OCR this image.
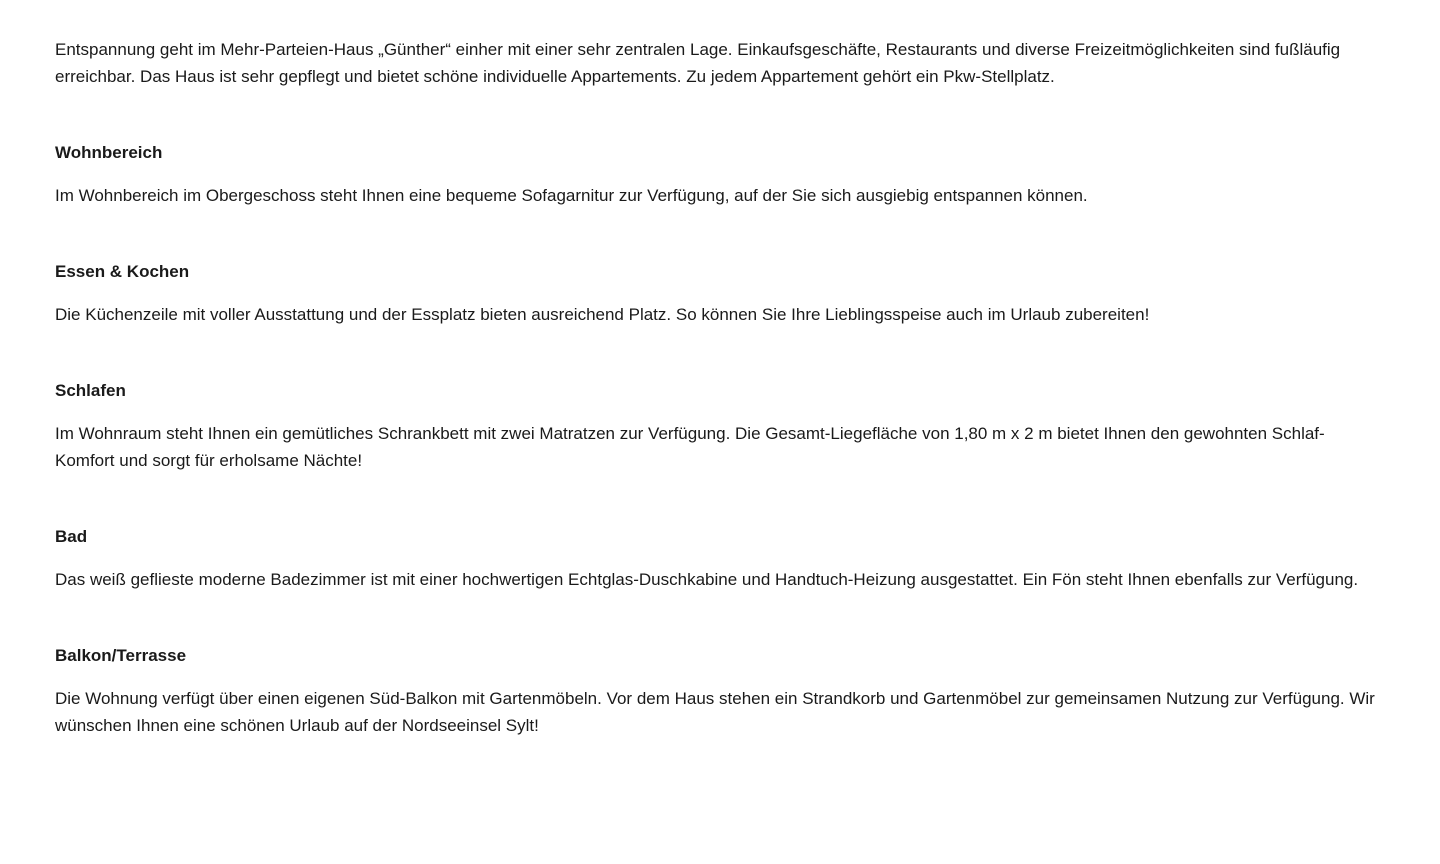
Entspannung geht im Mehr-Parteien-Haus „Günther“ einher mit einer sehr zentralen Lage. Einkaufsgeschäfte, Restaurants und diverse Freizeitmöglichkeiten sind fußläufig erreichbar. Das Haus ist sehr gepflegt und bietet schöne individuelle Appartements. Zu jedem Appartement gehört ein Pkw-Stellplatz.

Wohnbereich

Im Wohnbereich im Obergeschoss steht Ihnen eine bequeme Sofagarnitur zur Verfügung, auf der Sie sich ausgiebig entspannen können.

Essen & Kochen

Die Küchenzeile mit voller Ausstattung und der Essplatz bieten ausreichend Platz. So können Sie Ihre Lieblingsspeise auch im Urlaub zubereiten!

Schlafen

Im Wohnraum steht Ihnen ein gemütliches Schrankbett mit zwei Matratzen zur Verfügung. Die Gesamt-Liegefläche von 1,80 m x 2 m bietet Ihnen den gewohnten Schlaf-Komfort und sorgt für erholsame Nächte!

Bad

Das weiß geflieste moderne Badezimmer ist mit einer hochwertigen Echtglas-Duschkabine und Handtuch-Heizung ausgestattet. Ein Fön steht Ihnen ebenfalls zur Verfügung.

Balkon/Terrasse

Die Wohnung verfügt über einen eigenen Süd-Balkon mit Gartenmöbeln. Vor dem Haus stehen ein Strandkorb und Gartenmöbel zur gemeinsamen Nutzung zur Verfügung. Wir wünschen Ihnen eine schönen Urlaub auf der Nordseeinsel Sylt!
